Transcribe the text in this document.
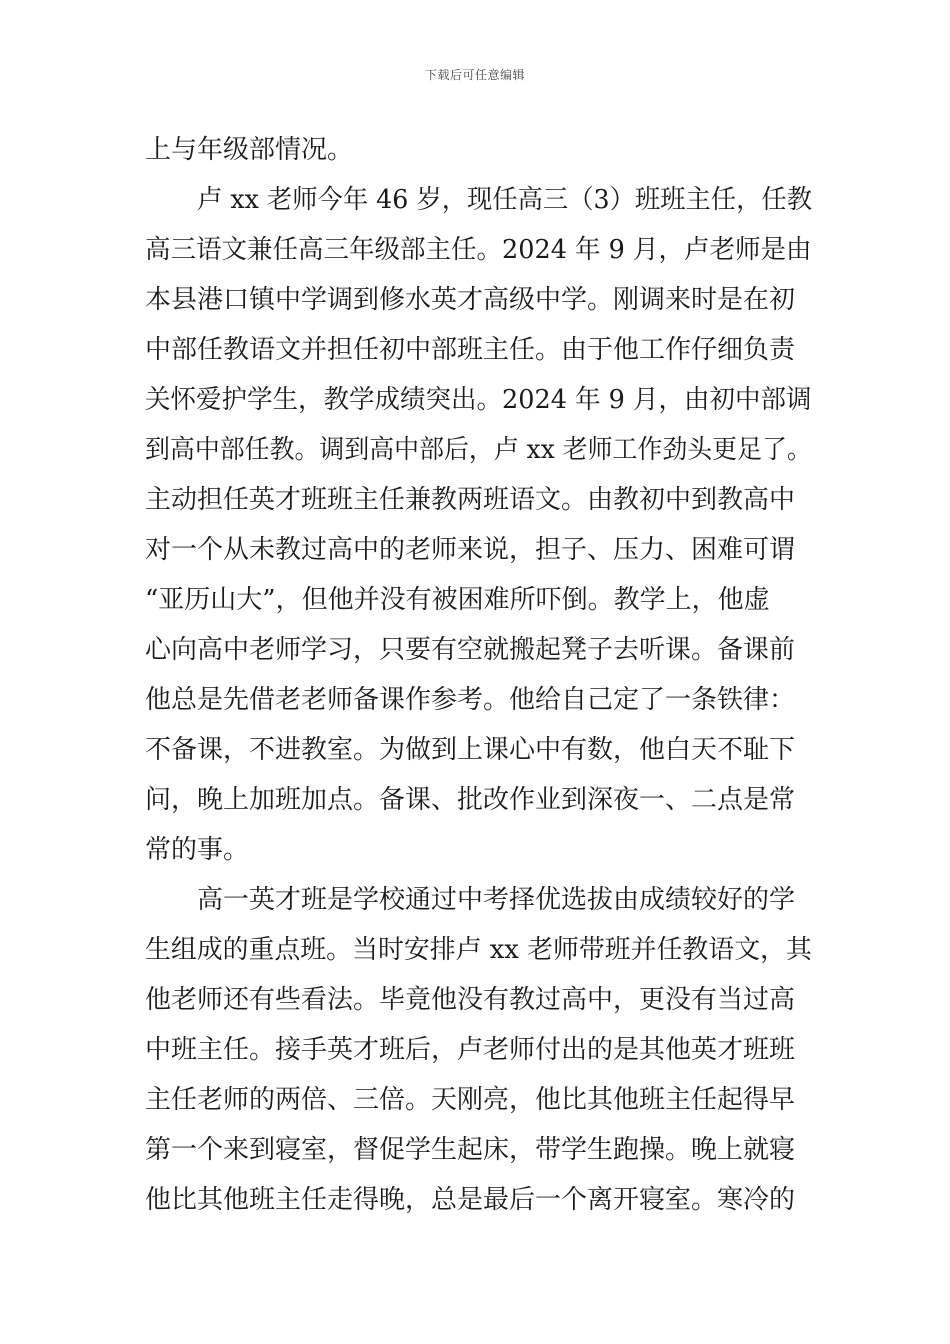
下载后可任意编辑
上与年级部情况。
卢 xx 老师今年 46 岁，现任高三（3）班班主任，任教
高三语文兼任高三年级部主任。2024 年 9 月，卢老师是由
本县港口镇中学调到修水英才高级中学。刚调来时是在初
中部任教语文并担任初中部班主任。由于他工作仔细负责
关怀爱护学生，教学成绩突出。2024 年 9 月，由初中部调
到高中部任教。调到高中部后，卢 xx 老师工作劲头更足了。
主动担任英才班班主任兼教两班语文。由教初中到教高中
对一个从未教过高中的老师来说，担子、压力、困难可谓
“亚历山大”，但他并没有被困难所吓倒。教学上，他虚
心向高中老师学习，只要有空就搬起凳子去听课。备课前
他总是先借老老师备课作参考。他给自己定了一条铁律：
不备课，不进教室。为做到上课心中有数，他白天不耻下
问，晚上加班加点。备课、批改作业到深夜一、二点是常
常的事。
高一英才班是学校通过中考择优选拔由成绩较好的学
生组成的重点班。当时安排卢 xx 老师带班并任教语文，其
他老师还有些看法。毕竟他没有教过高中，更没有当过高
中班主任。接手英才班后，卢老师付出的是其他英才班班
主任老师的两倍、三倍。天刚亮，他比其他班主任起得早
第一个来到寝室，督促学生起床，带学生跑操。晚上就寝
他比其他班主任走得晚，总是最后一个离开寝室。寒冷的
